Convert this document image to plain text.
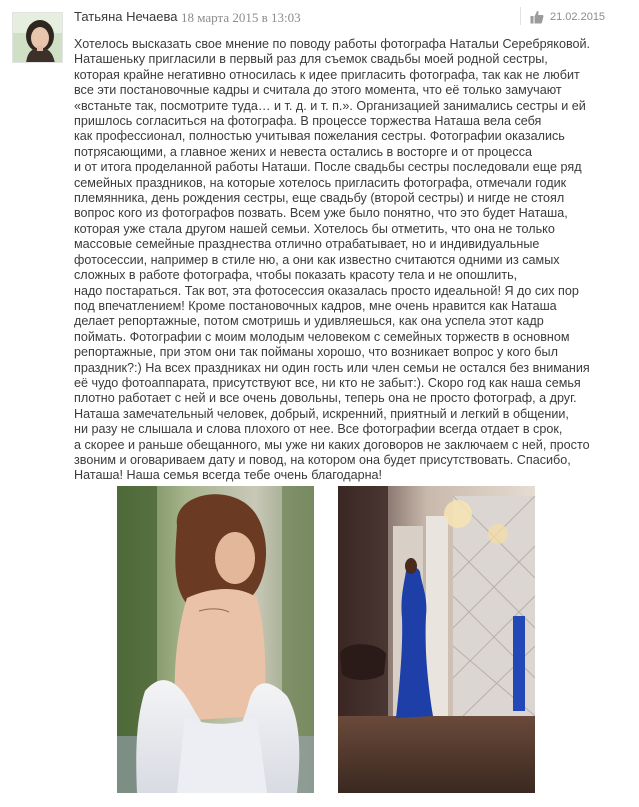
Татьяна Нечаева 18 марта 2015 в 13:03	21.02.2015
Хотелось высказать свое мнение по поводу работы фотографа Натальи Серебряковой.
Наташеньку пригласили в первый раз для съемок свадьбы моей родной сестры,
которая крайне негативно относилась к идее пригласить фотографа, так как не любит
все эти постановочные кадры и считала до этого момента, что её только замучают
«встаньте так, посмотрите туда… и т. д. и т. п.». Организацией занимались сестры и ей
пришлось согласиться на фотографа. В процессе торжества Наташа вела себя
как профессионал, полностью учитывая пожелания сестры. Фотографии оказались
потрясающими, а главное жених и невеста остались в восторге и от процесса
и от итога проделанной работы Наташи. После свадьбы сестры последовали еще ряд
семейных праздников, на которые хотелось пригласить фотографа, отмечали годик
племянника, день рождения сестры, еще свадьбу (второй сестры) и нигде не стоял
вопрос кого из фотографов позвать. Всем уже было понятно, что это будет Наташа,
которая уже стала другом нашей семьи. Хотелось бы отметить, что она не только
массовые семейные празднества отлично отрабатывает, но и индивидуальные
фотосессии, например в стиле ню, а они как известно считаются одними из самых
сложных в работе фотографа, чтобы показать красоту тела и не опошлить,
надо постараться. Так вот, эта фотосессия оказалась просто идеальной! Я до сих пор
под впечатлением! Кроме постановочных кадров, мне очень нравится как Наташа
делает репортажные, потом смотришь и удивляешься, как она успела этот кадр
поймать. Фотографии с моим молодым человеком с семейных торжеств в основном
репортажные, при этом они так пойманы хорошо, что возникает вопрос у кого был
праздник?:) На всех праздниках ни один гость или член семьи не остался без внимания
её чудо фотоаппарата, присутствуют все, ни кто не забыт:). Скоро год как наша семья
плотно работает с ней и все очень довольны, теперь она не просто фотограф, а друг.
Наташа замечательный человек, добрый, искренний, приятный и легкий в общении,
ни разу не слышала и слова плохого от нее. Все фотографии всегда отдает в срок,
а скорее и раньше обещанного, мы уже ни каких договоров не заключаем с ней, просто
звоним и оговариваем дату и повод, на котором она будет присутствовать. Спасибо,
Наташа! Наша семья всегда тебе очень благодарна!
